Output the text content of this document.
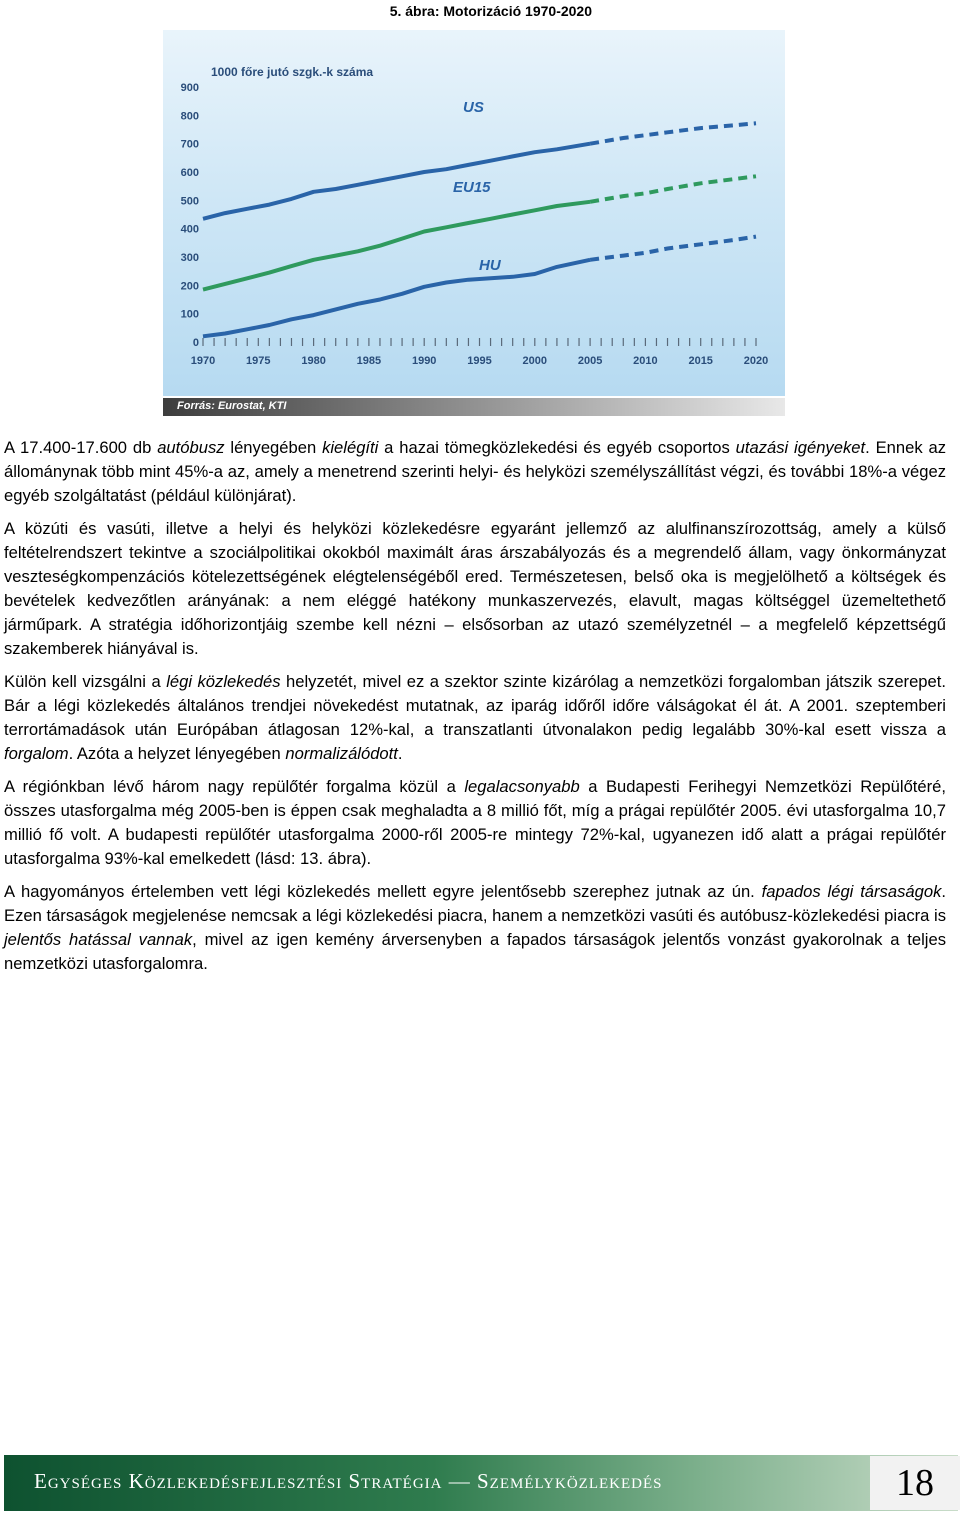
5. ábra: Motorizáció 1970-2020
1000 főre jutó szgk.-k száma
0
100
200
300
400
500
600
700
800
900
1970	1975	1980	1985	1990	1995	2000	2005	2010	2015	2020
US
EU15
HU
Forrás: Eurostat, KTI

A 17.400-17.600 db autóbusz lényegében kielégíti a hazai tömegközlekedési és egyéb csoportos utazási igényeket. Ennek az állománynak több mint 45%-a az, amely a menetrend szerinti helyi- és helyközi személyszállítást végzi, és további 18%-a végez egyéb szolgáltatást (például különjárat).

A közúti és vasúti, illetve a helyi és helyközi közlekedésre egyaránt jellemző az alulfinanszírozottság, amely a külső feltételrendszert tekintve a szociálpolitikai okokból maximált áras árszabályozás és a megrendelő állam, vagy önkormányzat veszteségkompenzációs kötelezettségének elégtelenségéből ered. Természetesen, belső oka is megjelölhető a költségek és bevételek kedvezőtlen arányának: a nem eléggé hatékony munkaszervezés, elavult, magas költséggel üzemeltethető járműpark. A stratégia időhorizontjáig szembe kell nézni – elsősorban az utazó személyzetnél – a megfelelő képzettségű szakemberek hiányával is.

Külön kell vizsgálni a légi közlekedés helyzetét, mivel ez a szektor szinte kizárólag a nemzetközi forgalomban játszik szerepet. Bár a légi közlekedés általános trendjei növekedést mutatnak, az iparág időről időre válságokat él át. A 2001. szeptemberi terrortámadások után Európában átlagosan 12%-kal, a transzatlanti útvonalakon pedig legalább 30%-kal esett vissza a forgalom. Azóta a helyzet lényegében normalizálódott.

A régiónkban lévő három nagy repülőtér forgalma közül a legalacsonyabb a Budapesti Ferihegyi Nemzetközi Repülőtéré, összes utasforgalma még 2005-ben is éppen csak meghaladta a 8 millió főt, míg a prágai repülőtér 2005. évi utasforgalma 10,7 millió fő volt. A budapesti repülőtér utasforgalma 2000-ről 2005-re mintegy 72%-kal, ugyanezen idő alatt a prágai repülőtér utasforgalma 93%-kal emelkedett (lásd: 13. ábra).

A hagyományos értelemben vett légi közlekedés mellett egyre jelentősebb szerephez jutnak az ún. fapados légi társaságok. Ezen társaságok megjelenése nemcsak a légi közlekedési piacra, hanem a nemzetközi vasúti és autóbusz-közlekedési piacra is jelentős hatással vannak, mivel az igen kemény árversenyben a fapados társaságok jelentős vonzást gyakorolnak a teljes nemzetközi utasforgalomra.

Egységes Közlekedésfejlesztési Stratégia — Személyközlekedés	18
